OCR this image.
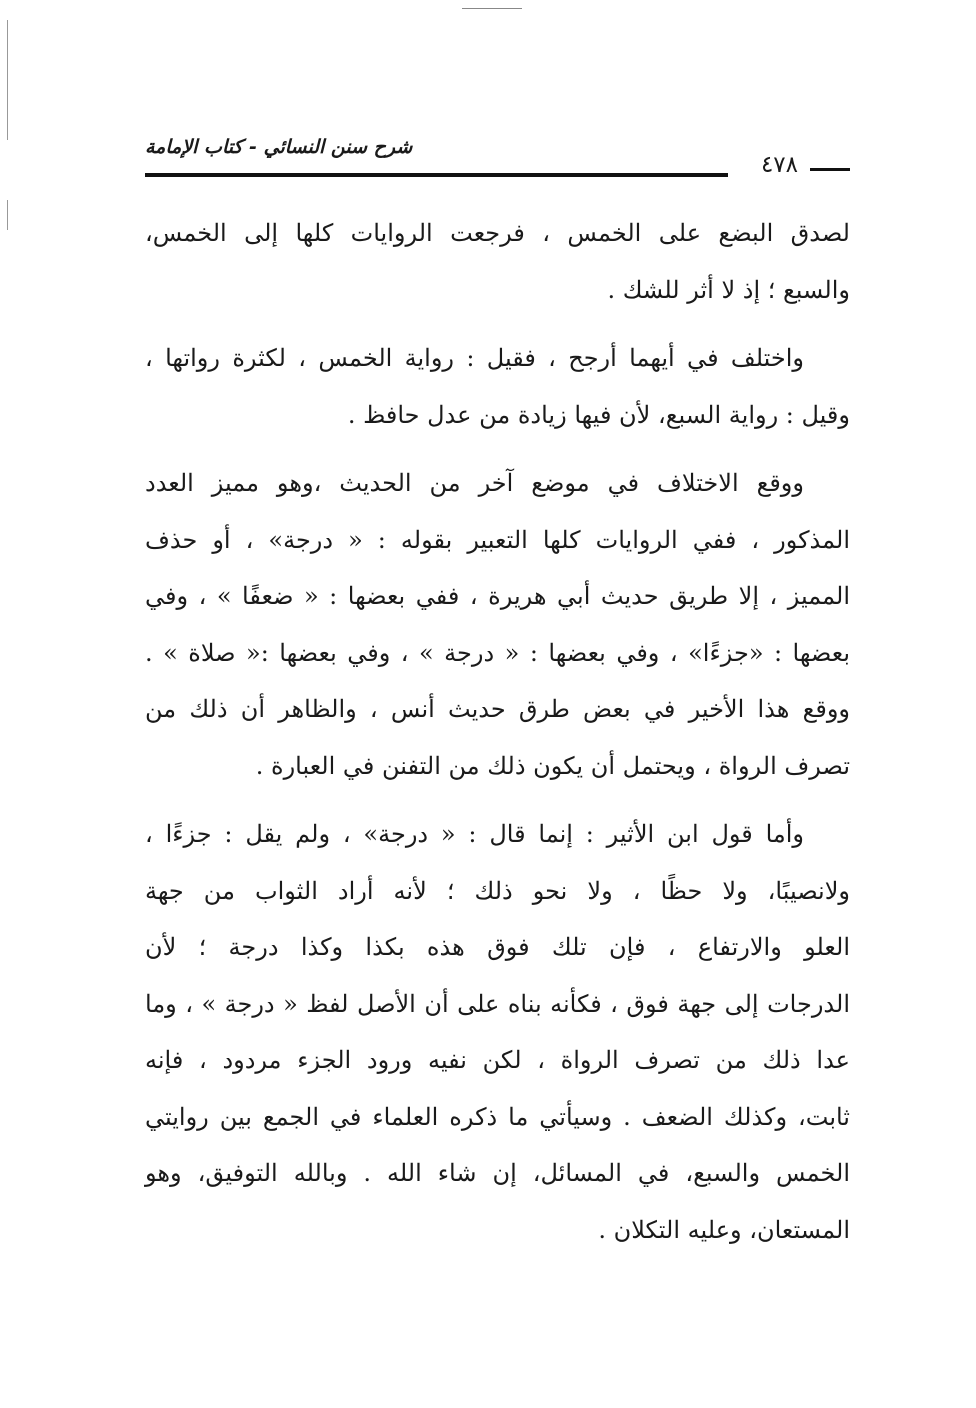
شرح سنن النسائي - كتاب الإمامة
٤٧٨
لصدق البضع على الخمس ، فرجعت الروايات كلها إلى الخمس،
والسبع ؛ إذ لا أثر للشك .
واختلف في أيهما أرجح ، فقيل : رواية الخمس ، لكثرة رواتها ،
وقيل : رواية السبع، لأن فيها زيادة من عدل حافظ .
ووقع الاختلاف في موضع آخر من الحديث ،وهو مميز العدد
المذكور ، ففي الروايات كلها التعبير بقوله : « درجة» ، أو حذف
المميز ، إلا طريق حديث أبي هريرة ، ففي بعضها : « ضعفًا » ، وفي
بعضها : «جزءًا» ، وفي بعضها : « درجة » ، وفي بعضها :« صلاة » .
ووقع هذا الأخير في بعض طرق حديث أنس ، والظاهر أن ذلك من
تصرف الرواة ، ويحتمل أن يكون ذلك من التفنن في العبارة .
وأما قول ابن الأثير : إنما قال : « درجة» ، ولم يقل : جزءًا ،
ولانصيبًا، ولا حظًا ، ولا نحو ذلك ؛ لأنه أراد الثواب من جهة
العلو والارتفاع ، فإن تلك فوق هذه بكذا وكذا درجة ؛ لأن
الدرجات إلى جهة فوق ، فكأنه بناه على أن الأصل لفظ « درجة » ، وما
عدا ذلك من تصرف الرواة ، لكن نفيه ورود الجزء مردود ، فإنه
ثابت، وكذلك الضعف . وسيأتي ما ذكره العلماء في الجمع بين روايتي
الخمس والسبع، في المسائل، إن شاء الله . وبالله التوفيق، وهو
المستعان، وعليه التكلان .
